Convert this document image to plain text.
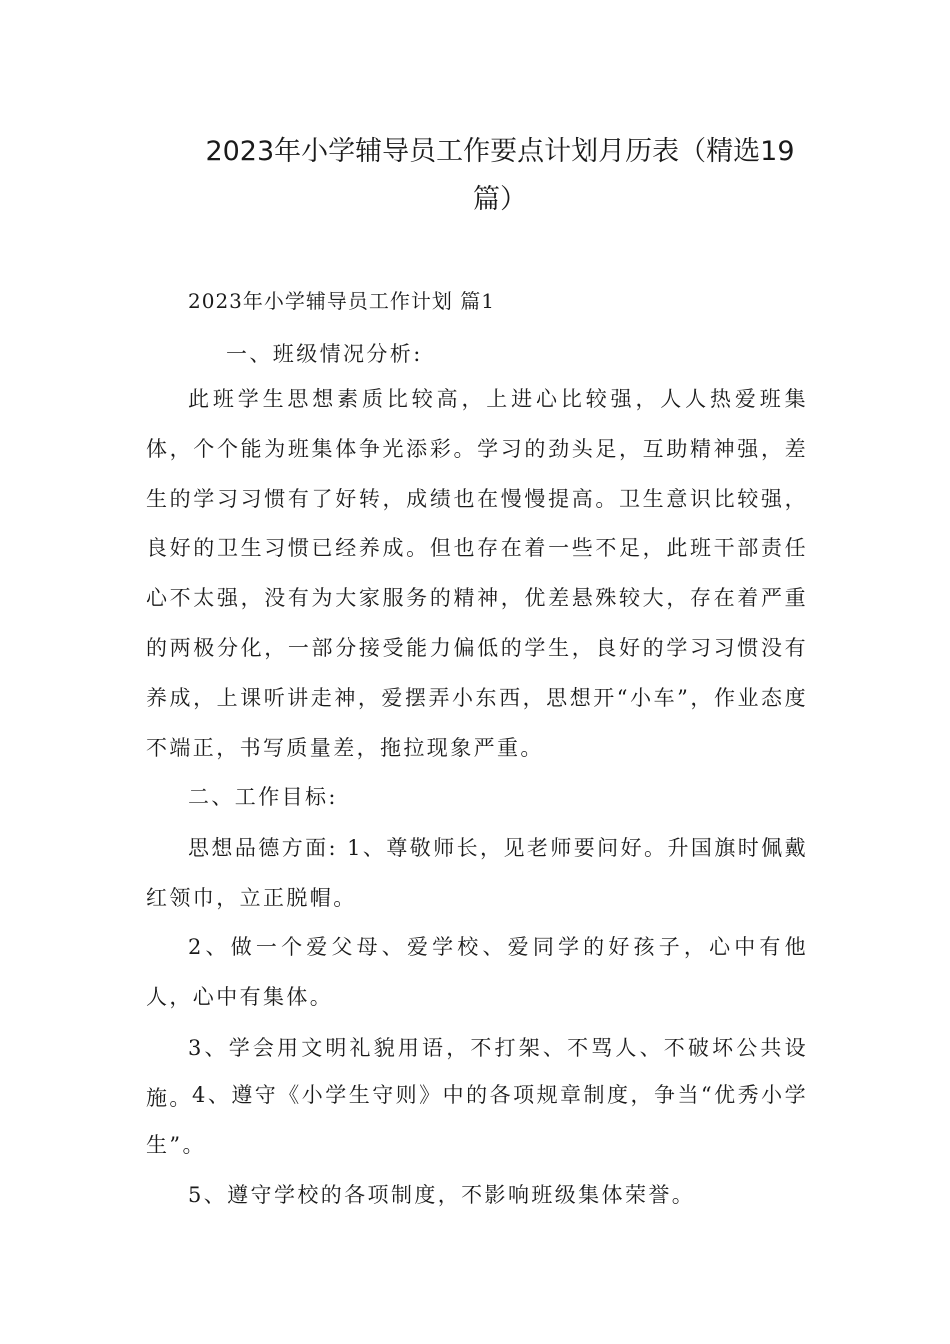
2023年小学辅导员工作要点计划月历表（精选19篇）

2023年小学辅导员工作计划 篇1

一、班级情况分析:

此班学生思想素质比较高，上进心比较强，人人热爱班集体，个个能为班集体争光添彩。学习的劲头足，互助精神强，差生的学习习惯有了好转，成绩也在慢慢提高。卫生意识比较强，良好的卫生习惯已经养成。但也存在着一些不足，此班干部责任心不太强，没有为大家服务的精神，优差悬殊较大，存在着严重的两极分化，一部分接受能力偏低的学生，良好的学习习惯没有养成，上课听讲走神，爱摆弄小东西，思想开“小车”，作业态度不端正，书写质量差，拖拉现象严重。

二、工作目标:

思想品德方面: 1、尊敬师长，见老师要问好。升国旗时佩戴红领巾，立正脱帽。

2、做一个爱父母、爱学校、爱同学的好孩子，心中有他人，心中有集体。

3、学会用文明礼貌用语，不打架、不骂人、不破坏公共设施。 4、遵守《小学生守则》中的各项规章制度，争当“优秀小学生”。

5、遵守学校的各项制度，不影响班级集体荣誉。
